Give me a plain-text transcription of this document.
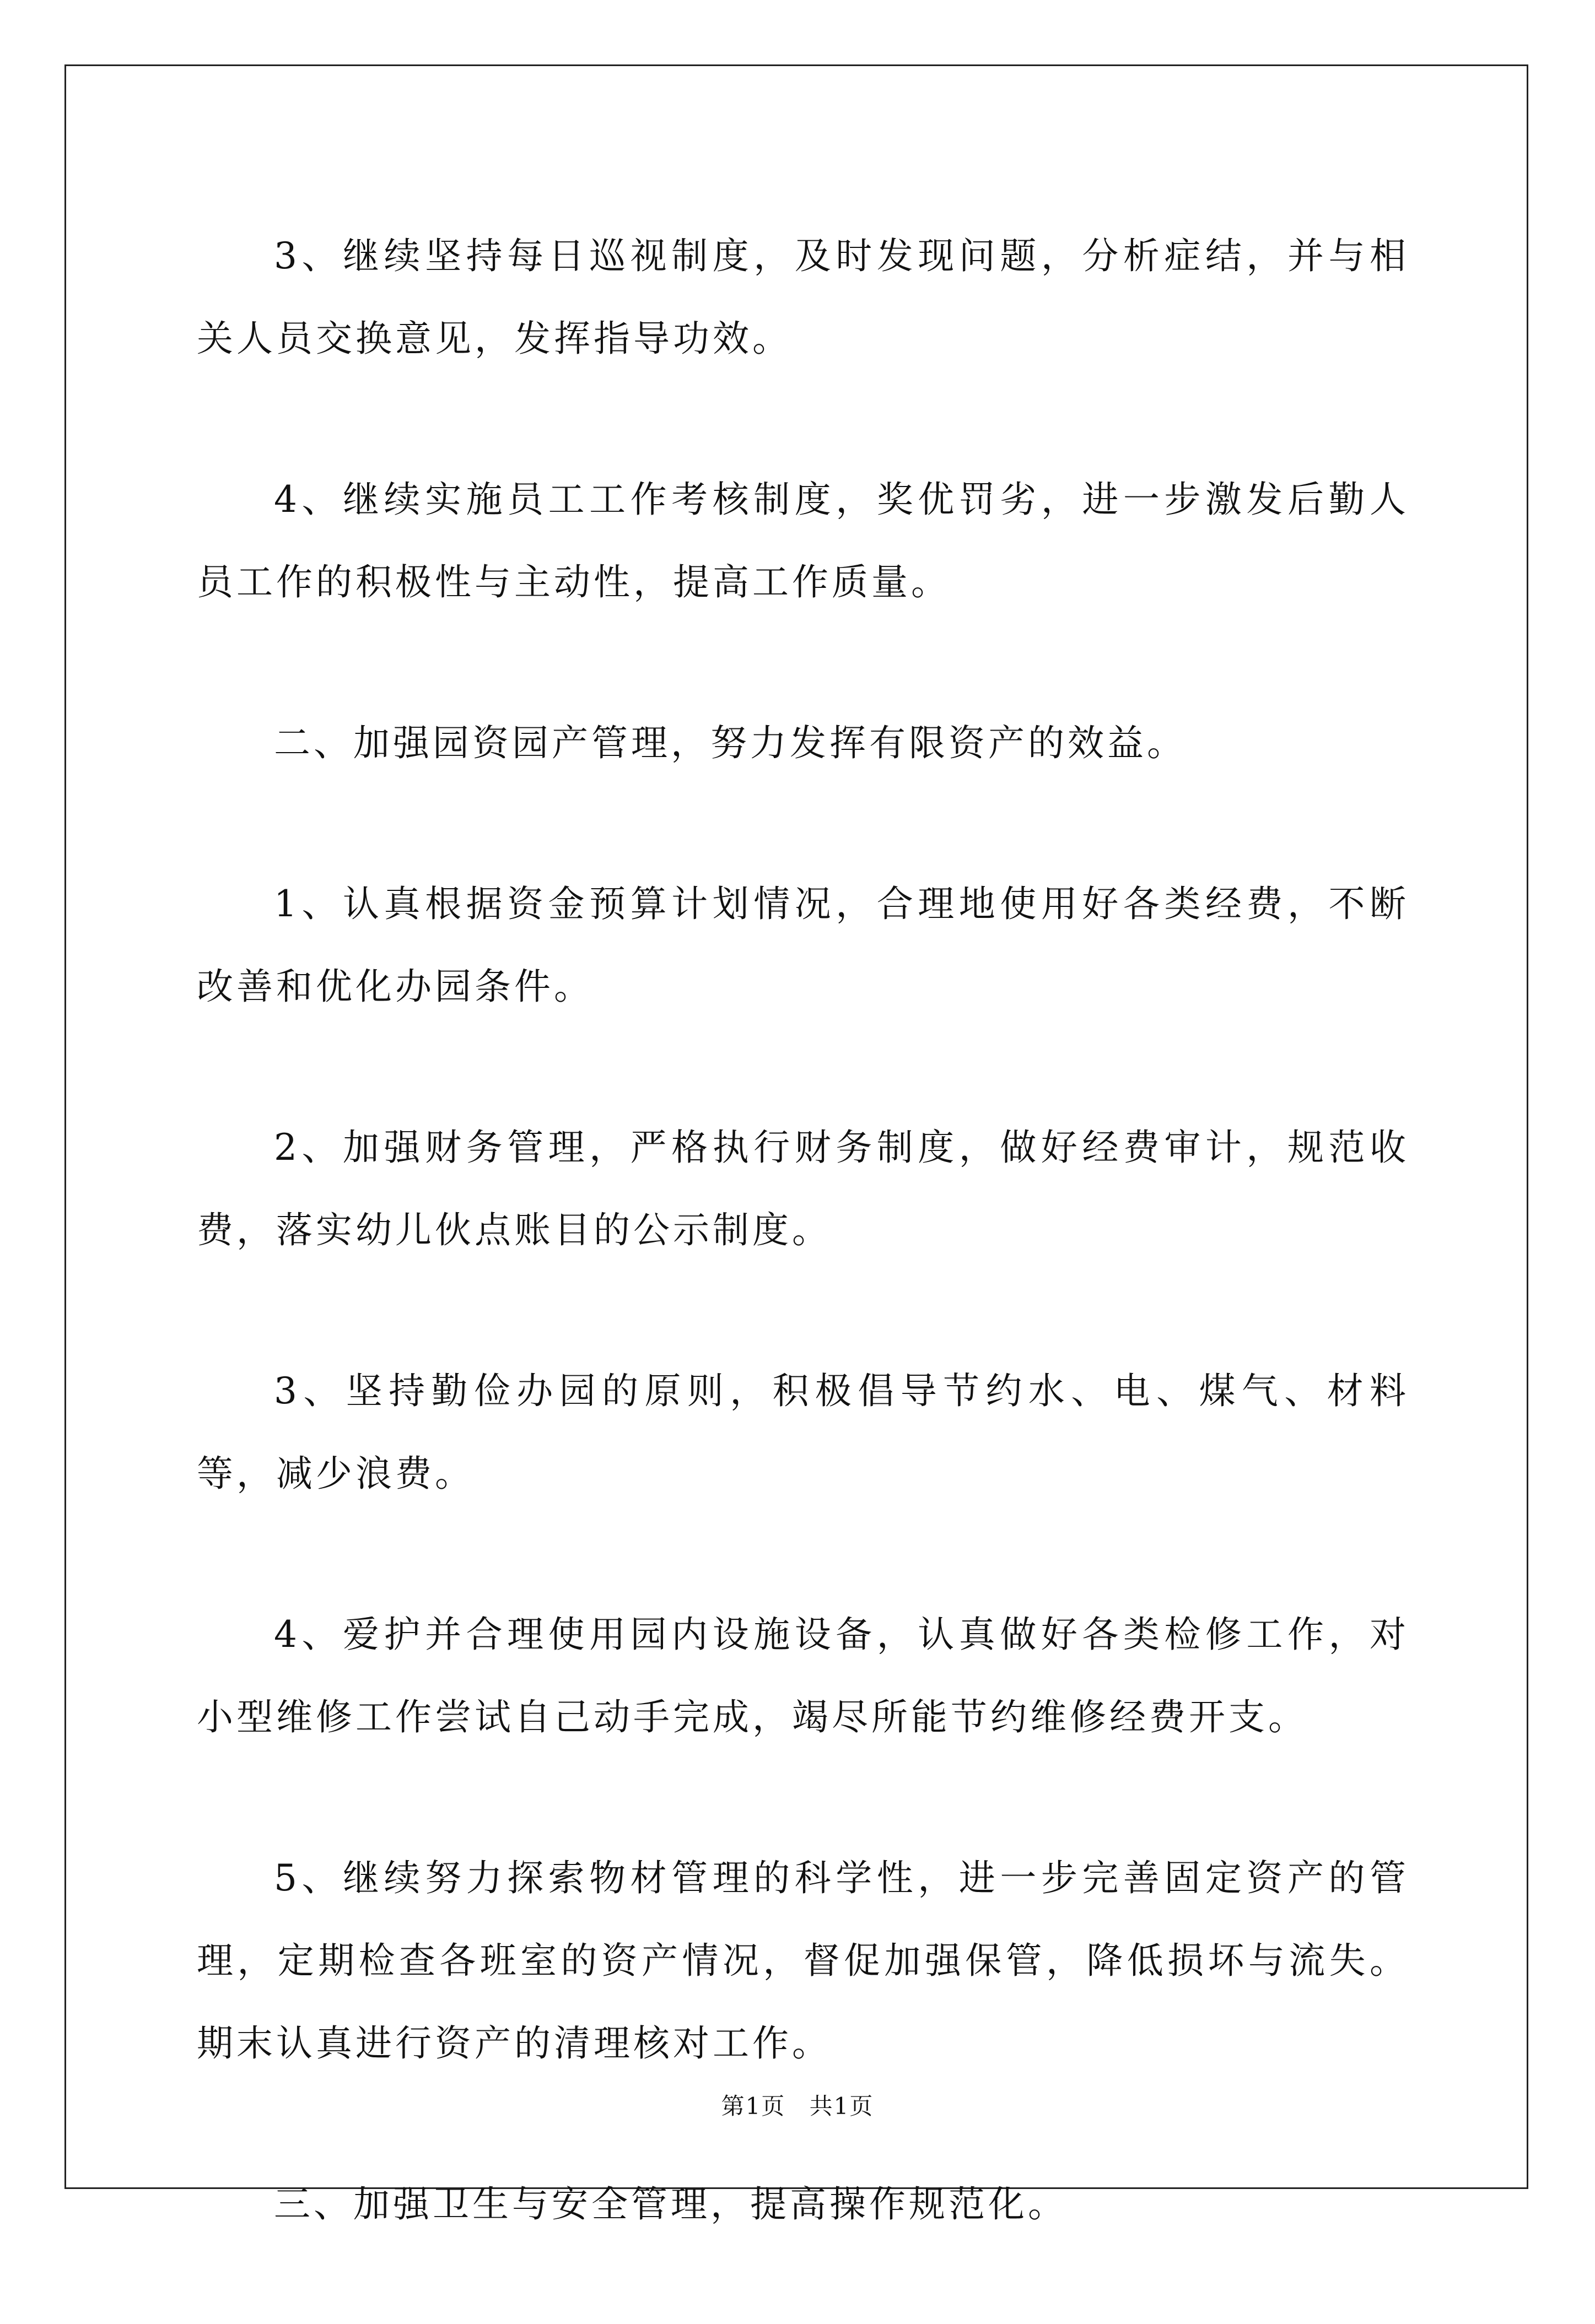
3、继续坚持每日巡视制度，及时发现问题，分析症结，并与相关人员交换意见，发挥指导功效。

4、继续实施员工工作考核制度，奖优罚劣，进一步激发后勤人员工作的积极性与主动性，提高工作质量。

二、加强园资园产管理，努力发挥有限资产的效益。

1、认真根据资金预算计划情况，合理地使用好各类经费，不断改善和优化办园条件。

2、加强财务管理，严格执行财务制度，做好经费审计，规范收费，落实幼儿伙点账目的公示制度。

3、坚持勤俭办园的原则，积极倡导节约水、电、煤气、材料等，减少浪费。

4、爱护并合理使用园内设施设备，认真做好各类检修工作，对小型维修工作尝试自己动手完成，竭尽所能节约维修经费开支。

5、继续努力探索物材管理的科学性，进一步完善固定资产的管理，定期检查各班室的资产情况，督促加强保管，降低损坏与流失。期末认真进行资产的清理核对工作。

三、加强卫生与安全管理，提高操作规范化。

第1页 共1页
